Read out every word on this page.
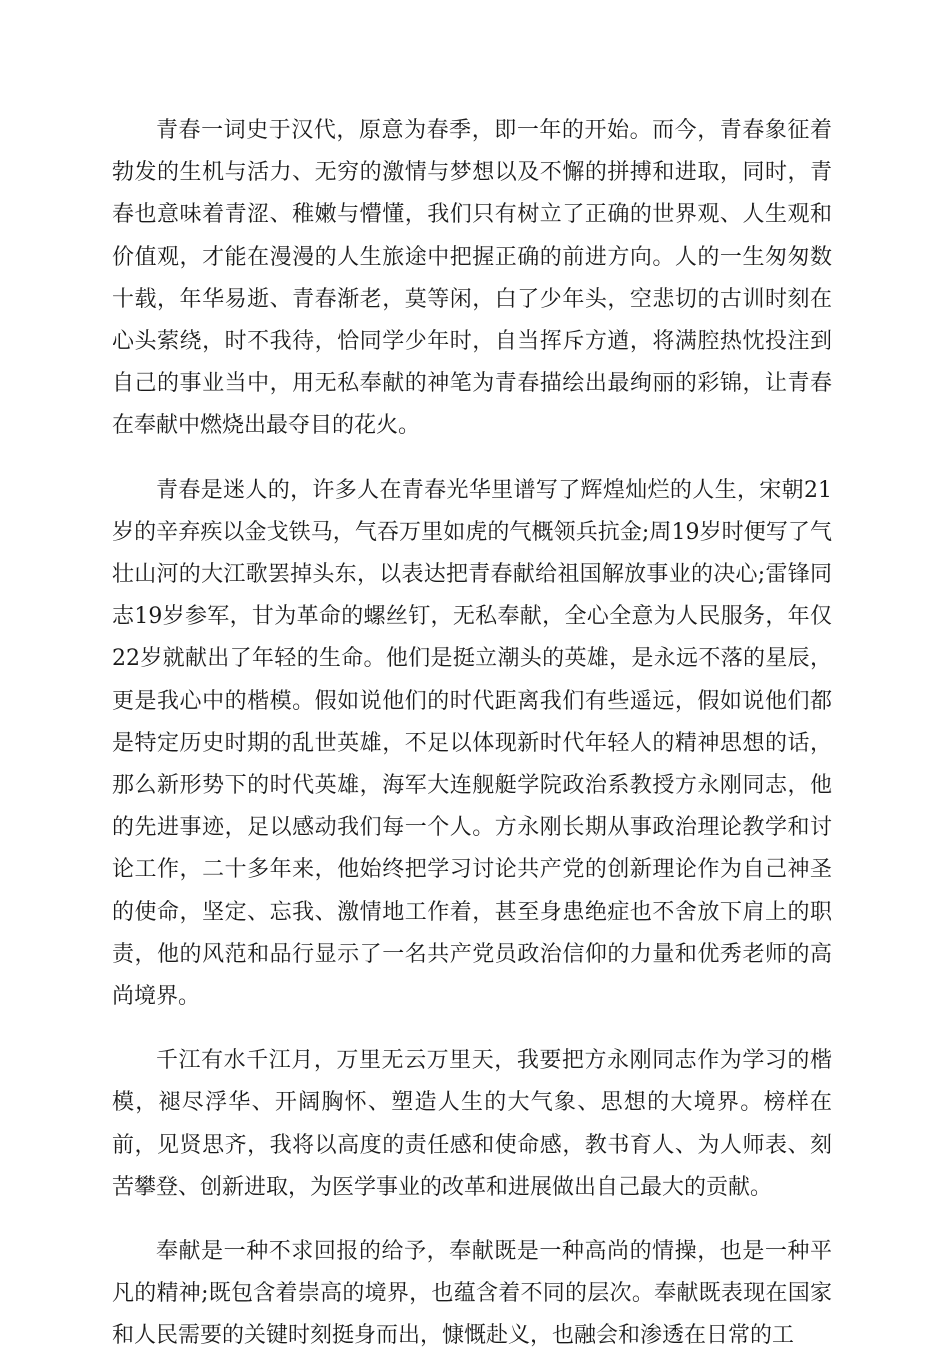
青春一词史于汉代，原意为春季，即一年的开始。而今，青春象征着勃发的生机与活力、无穷的激情与梦想以及不懈的拼搏和进取，同时，青春也意味着青涩、稚嫩与懵懂，我们只有树立了正确的世界观、人生观和价值观，才能在漫漫的人生旅途中把握正确的前进方向。人的一生匆匆数十载，年华易逝、青春渐老，莫等闲，白了少年头，空悲切的古训时刻在心头萦绕，时不我待，恰同学少年时，自当挥斥方遒，将满腔热忱投注到自己的事业当中，用无私奉献的神笔为青春描绘出最绚丽的彩锦，让青春在奉献中燃烧出最夺目的花火。

青春是迷人的，许多人在青春光华里谱写了辉煌灿烂的人生，宋朝21岁的辛弃疾以金戈铁马，气吞万里如虎的气概领兵抗金;周19岁时便写了气壮山河的大江歌罢掉头东，以表达把青春献给祖国解放事业的决心;雷锋同志19岁参军，甘为革命的螺丝钉，无私奉献，全心全意为人民服务，年仅22岁就献出了年轻的生命。他们是挺立潮头的英雄，是永远不落的星辰，更是我心中的楷模。假如说他们的时代距离我们有些遥远，假如说他们都是特定历史时期的乱世英雄，不足以体现新时代年轻人的精神思想的话，那么新形势下的时代英雄，海军大连舰艇学院政治系教授方永刚同志，他的先进事迹，足以感动我们每一个人。方永刚长期从事政治理论教学和讨论工作，二十多年来，他始终把学习讨论共产党的创新理论作为自己神圣的使命，坚定、忘我、激情地工作着，甚至身患绝症也不舍放下肩上的职责，他的风范和品行显示了一名共产党员政治信仰的力量和优秀老师的高尚境界。

千江有水千江月，万里无云万里天，我要把方永刚同志作为学习的楷模，褪尽浮华、开阔胸怀、塑造人生的大气象、思想的大境界。榜样在前，见贤思齐，我将以高度的责任感和使命感，教书育人、为人师表、刻苦攀登、创新进取，为医学事业的改革和进展做出自己最大的贡献。

奉献是一种不求回报的给予，奉献既是一种高尚的情操，也是一种平凡的精神;既包含着崇高的境界，也蕴含着不同的层次。奉献既表现在国家和人民需要的关键时刻挺身而出，慷慨赴义，也融会和渗透在日常的工
